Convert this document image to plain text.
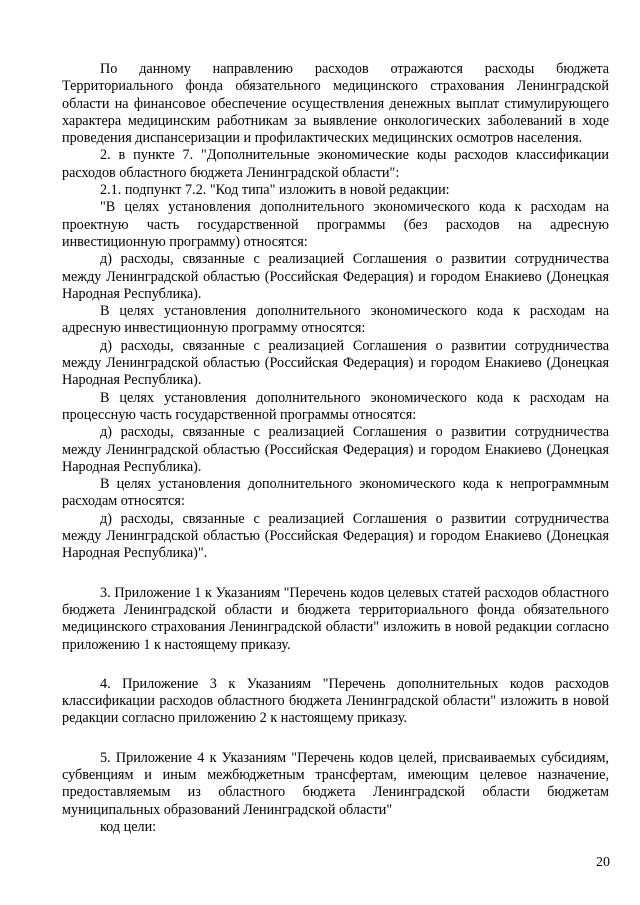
По данному направлению расходов отражаются расходы бюджета Территориального фонда обязательного медицинского страхования Ленинградской области на финансовое обеспечение осуществления денежных выплат стимулирующего характера медицинским работникам за выявление онкологических заболеваний в ходе проведения диспансеризации и профилактических медицинских осмотров населения.

2. в пункте 7. "Дополнительные экономические коды расходов классификации расходов областного бюджета Ленинградской области":

2.1. подпункт 7.2. "Код типа" изложить в новой редакции:

"В целях установления дополнительного экономического кода к расходам на проектную часть государственной программы (без расходов на адресную инвестиционную программу) относятся:

д) расходы, связанные с реализацией Соглашения о развитии сотрудничества между Ленинградской областью (Российская Федерация) и городом Енакиево (Донецкая Народная Республика).

В целях установления дополнительного экономического кода к расходам на адресную инвестиционную программу относятся:

д) расходы, связанные с реализацией Соглашения о развитии сотрудничества между Ленинградской областью (Российская Федерация) и городом Енакиево (Донецкая Народная Республика).

В целях установления дополнительного экономического кода к расходам на процессную часть государственной программы относятся:

д) расходы, связанные с реализацией Соглашения о развитии сотрудничества между Ленинградской областью (Российская Федерация) и городом Енакиево (Донецкая Народная Республика).

В целях установления дополнительного экономического кода к непрограммным расходам относятся:

д) расходы, связанные с реализацией Соглашения о развитии сотрудничества между Ленинградской областью (Российская Федерация) и городом Енакиево (Донецкая Народная Республика)".

3. Приложение 1 к Указаниям "Перечень кодов целевых статей расходов областного бюджета Ленинградской области и бюджета территориального фонда обязательного медицинского страхования Ленинградской области" изложить в новой редакции согласно приложению 1 к настоящему приказу.

4. Приложение 3 к Указаниям "Перечень дополнительных кодов расходов классификации расходов областного бюджета Ленинградской области" изложить в новой редакции согласно приложению 2 к настоящему приказу.

5. Приложение 4 к Указаниям "Перечень кодов целей, присваиваемых субсидиям, субвенциям и иным межбюджетным трансфертам, имеющим целевое назначение, предоставляемым из областного бюджета Ленинградской области бюджетам муниципальных образований Ленинградской области"

код цели:

20
